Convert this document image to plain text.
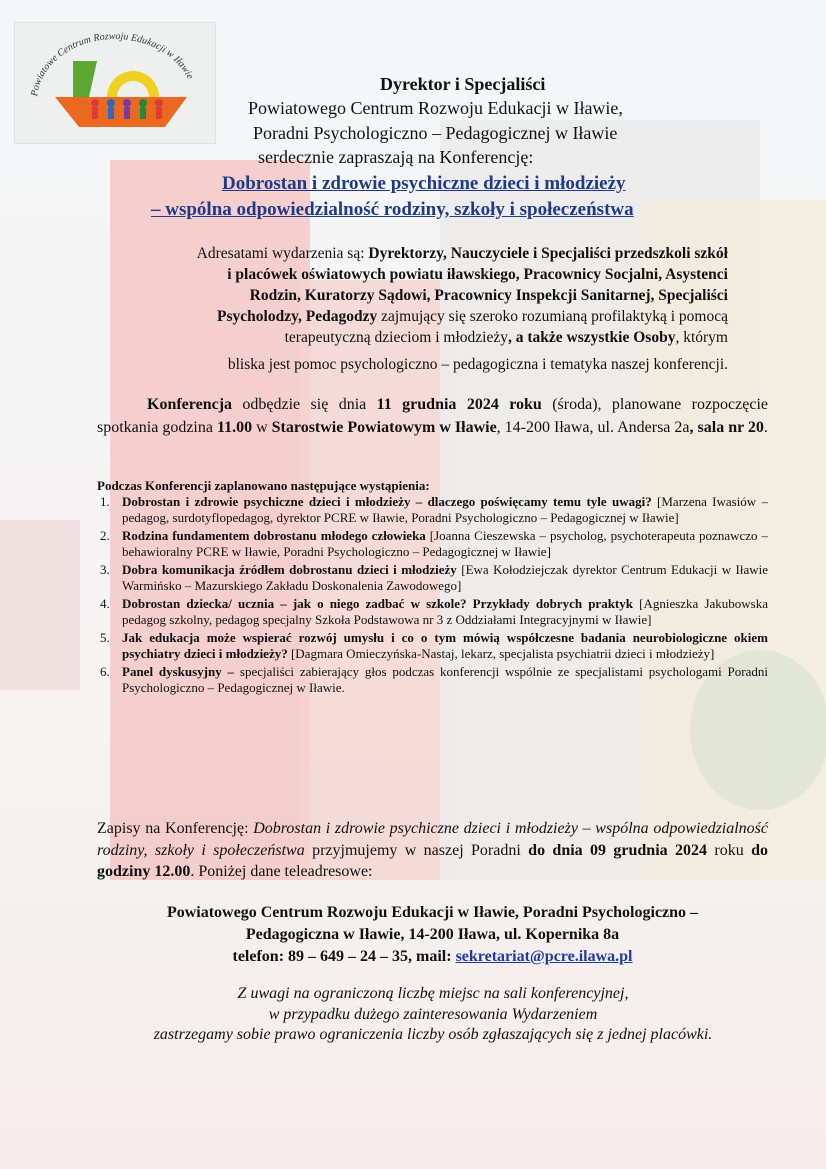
Powiatowe Centrum Rozwoju Edukacji w Iławie	Dyrektor i Specjaliści
Powiatowego Centrum Rozwoju Edukacji w Iławie,
Poradni Psychologiczno – Pedagogicznej w Iławie
serdecznie zapraszają na Konferencję:
Dobrostan i zdrowie psychiczne dzieci i młodzieży
– wspólna odpowiedzialność rodziny, szkoły i społeczeństwa
Adresatami wydarzenia są: Dyrektorzy, Nauczyciele i Specjaliści przedszkoli szkół
i placówek oświatowych powiatu iławskiego, Pracownicy Socjalni, Asystenci
Rodzin, Kuratorzy Sądowi, Pracownicy Inspekcji Sanitarnej, Specjaliści
Psycholodzy, Pedagodzy zajmujący się szeroko rozumianą profilaktyką i pomocą
terapeutyczną dzieciom i młodzieży, a także wszystkie Osoby, którym
bliska jest pomoc psychologiczno – pedagogiczna i tematyka naszej konferencji.
Konferencja odbędzie się dnia 11 grudnia 2024 roku (środa), planowane rozpoczęcie spotkania godzina 11.00 w Starostwie Powiatowym w Iławie, 14-200 Iława, ul. Andersa 2a, sala nr 20.
Podczas Konferencji zaplanowano następujące wystąpienia:
1. Dobrostan i zdrowie psychiczne dzieci i młodzieży – dlaczego poświęcamy temu tyle uwagi? [Marzena Iwasiów – pedagog, surdotyflopedagog, dyrektor PCRE w Iławie, Poradni Psychologiczno – Pedagogicznej w Iławie]
2. Rodzina fundamentem dobrostanu młodego człowieka [Joanna Cieszewska – psycholog, psychoterapeuta poznawczo – behawioralny PCRE w Iławie, Poradni Psychologiczno – Pedagogicznej w Iławie]
3. Dobra komunikacja źródłem dobrostanu dzieci i młodzieży [Ewa Kołodziejczak dyrektor Centrum Edukacji w Iławie Warmińsko – Mazurskiego Zakładu Doskonalenia Zawodowego]
4. Dobrostan dziecka/ ucznia – jak o niego zadbać w szkole? Przykłady dobrych praktyk [Agnieszka Jakubowska pedagog szkolny, pedagog specjalny Szkoła Podstawowa nr 3 z Oddziałami Integracyjnymi w Iławie]
5. Jak edukacja może wspierać rozwój umysłu i co o tym mówią współczesne badania neurobiologiczne okiem psychiatry dzieci i młodzieży? [Dagmara Omieczyńska-Nastaj, lekarz, specjalista psychiatrii dzieci i młodzieży]
6. Panel dyskusyjny – specjaliści zabierający głos podczas konferencji wspólnie ze specjalistami psychologami Poradni Psychologiczno – Pedagogicznej w Iławie.
Zapisy na Konferencję: Dobrostan i zdrowie psychiczne dzieci i młodzieży – wspólna odpowiedzialność rodziny, szkoły i społeczeństwa przyjmujemy w naszej Poradni do dnia 09 grudnia 2024 roku do godziny 12.00. Poniżej dane teleadresowe:
Powiatowego Centrum Rozwoju Edukacji w Iławie, Poradni Psychologiczno –
Pedagogiczna w Iławie, 14-200 Iława, ul. Kopernika 8a
telefon: 89 – 649 – 24 – 35, mail: sekretariat@pcre.ilawa.pl
Z uwagi na ograniczoną liczbę miejsc na sali konferencyjnej,
w przypadku dużego zainteresowania Wydarzeniem
zastrzegamy sobie prawo ograniczenia liczby osób zgłaszających się z jednej placówki.
